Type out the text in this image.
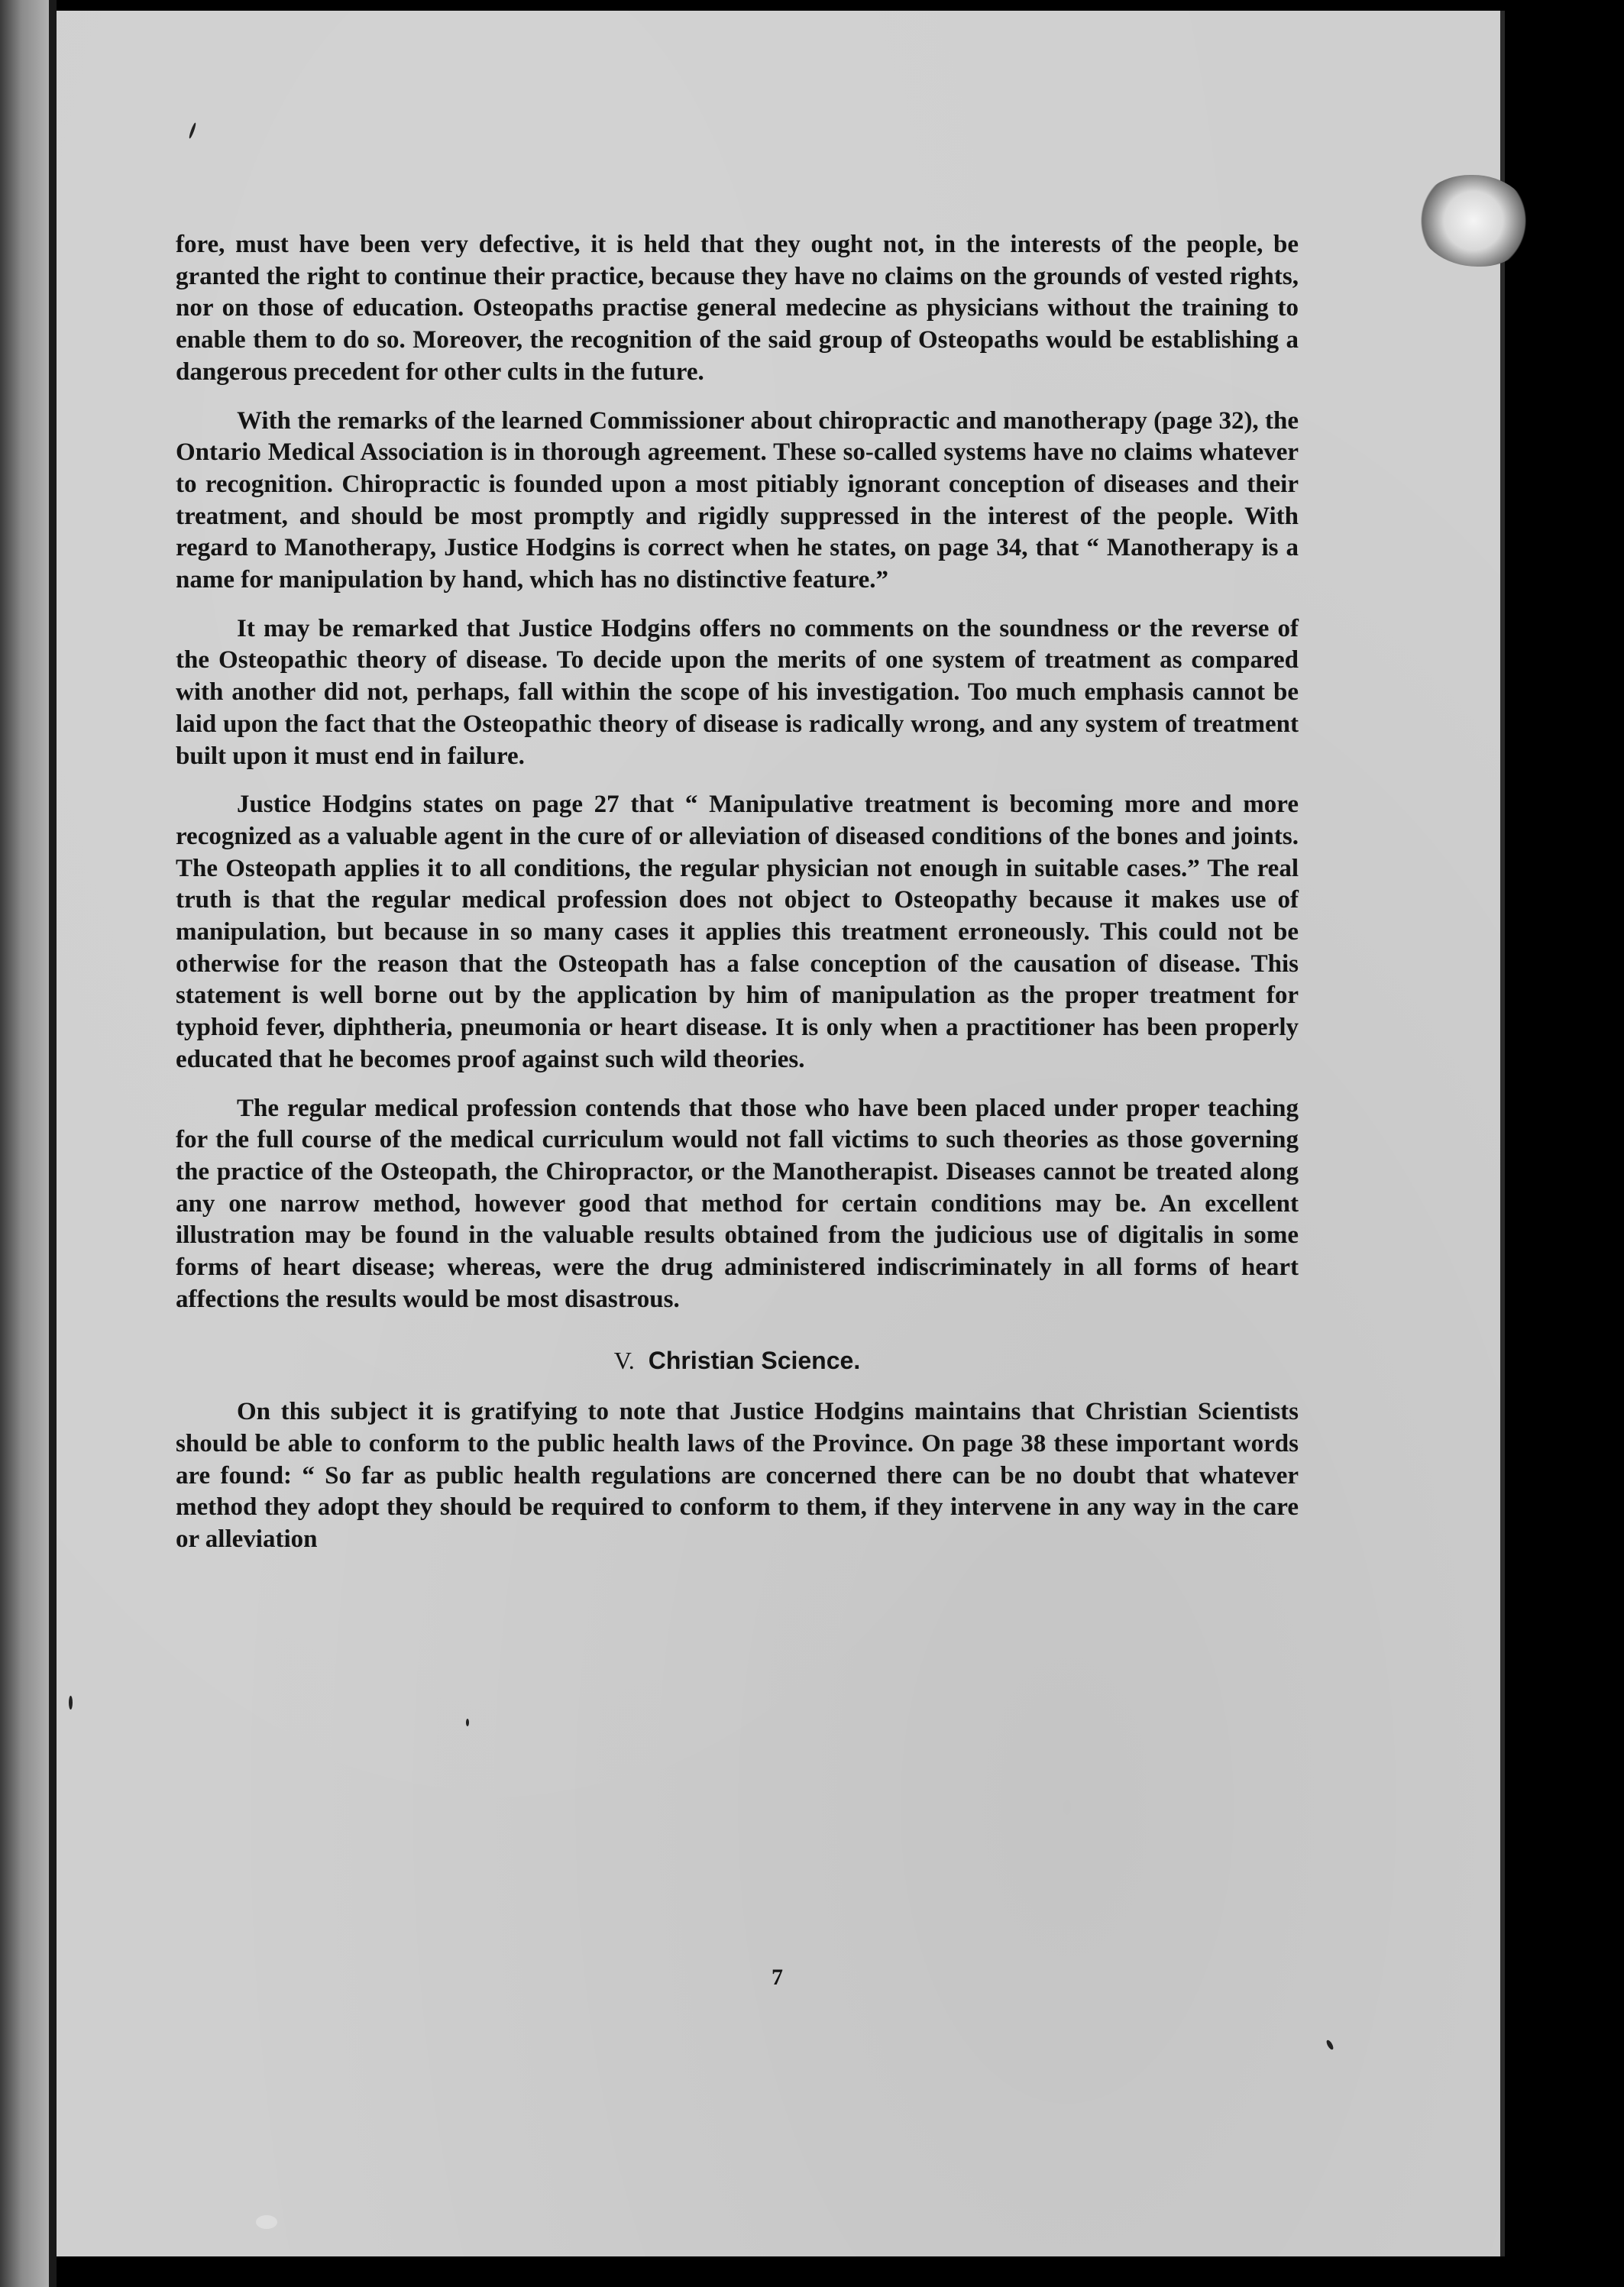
fore, must have been very defective, it is held that they ought not, in the interests of the people, be granted the right to continue their practice, because they have no claims on the grounds of vested rights, nor on those of education. Osteopaths practise general medecine as physicians without the training to enable them to do so. Moreover, the recognition of the said group of Osteopaths would be establishing a dangerous precedent for other cults in the future.

With the remarks of the learned Commissioner about chiropractic and manotherapy (page 32), the Ontario Medical Association is in thorough agreement. These so-called systems have no claims whatever to recognition. Chiropractic is founded upon a most pitiably ignorant conception of diseases and their treatment, and should be most promptly and rigidly suppressed in the interest of the people. With regard to Manotherapy, Justice Hodgins is correct when he states, on page 34, that “ Manotherapy is a name for manipulation by hand, which has no distinctive feature.”

It may be remarked that Justice Hodgins offers no comments on the soundness or the reverse of the Osteopathic theory of disease. To decide upon the merits of one system of treatment as compared with another did not, perhaps, fall within the scope of his investigation. Too much emphasis cannot be laid upon the fact that the Osteopathic theory of disease is radically wrong, and any system of treatment built upon it must end in failure.

Justice Hodgins states on page 27 that “ Manipulative treatment is becoming more and more recognized as a valuable agent in the cure of or alleviation of diseased conditions of the bones and joints. The Osteopath applies it to all conditions, the regular physician not enough in suitable cases.” The real truth is that the regular medical profession does not object to Osteopathy because it makes use of manipulation, but because in so many cases it applies this treatment erroneously. This could not be otherwise for the reason that the Osteopath has a false conception of the causation of disease. This statement is well borne out by the application by him of manipulation as the proper treatment for typhoid fever, diphtheria, pneumonia or heart disease. It is only when a practitioner has been properly educated that he becomes proof against such wild theories.

The regular medical profession contends that those who have been placed under proper teaching for the full course of the medical curriculum would not fall victims to such theories as those governing the practice of the Osteopath, the Chiropractor, or the Manotherapist. Diseases cannot be treated along any one narrow method, however good that method for certain conditions may be. An excellent illustration may be found in the valuable results obtained from the judicious use of digitalis in some forms of heart disease; whereas, were the drug administered indiscriminately in all forms of heart affections the results would be most disastrous.

V. Christian Science.

On this subject it is gratifying to note that Justice Hodgins maintains that Christian Scientists should be able to conform to the public health laws of the Province. On page 38 these important words are found: “ So far as public health regulations are concerned there can be no doubt that whatever method they adopt they should be required to conform to them, if they intervene in any way in the care or alleviation

7
